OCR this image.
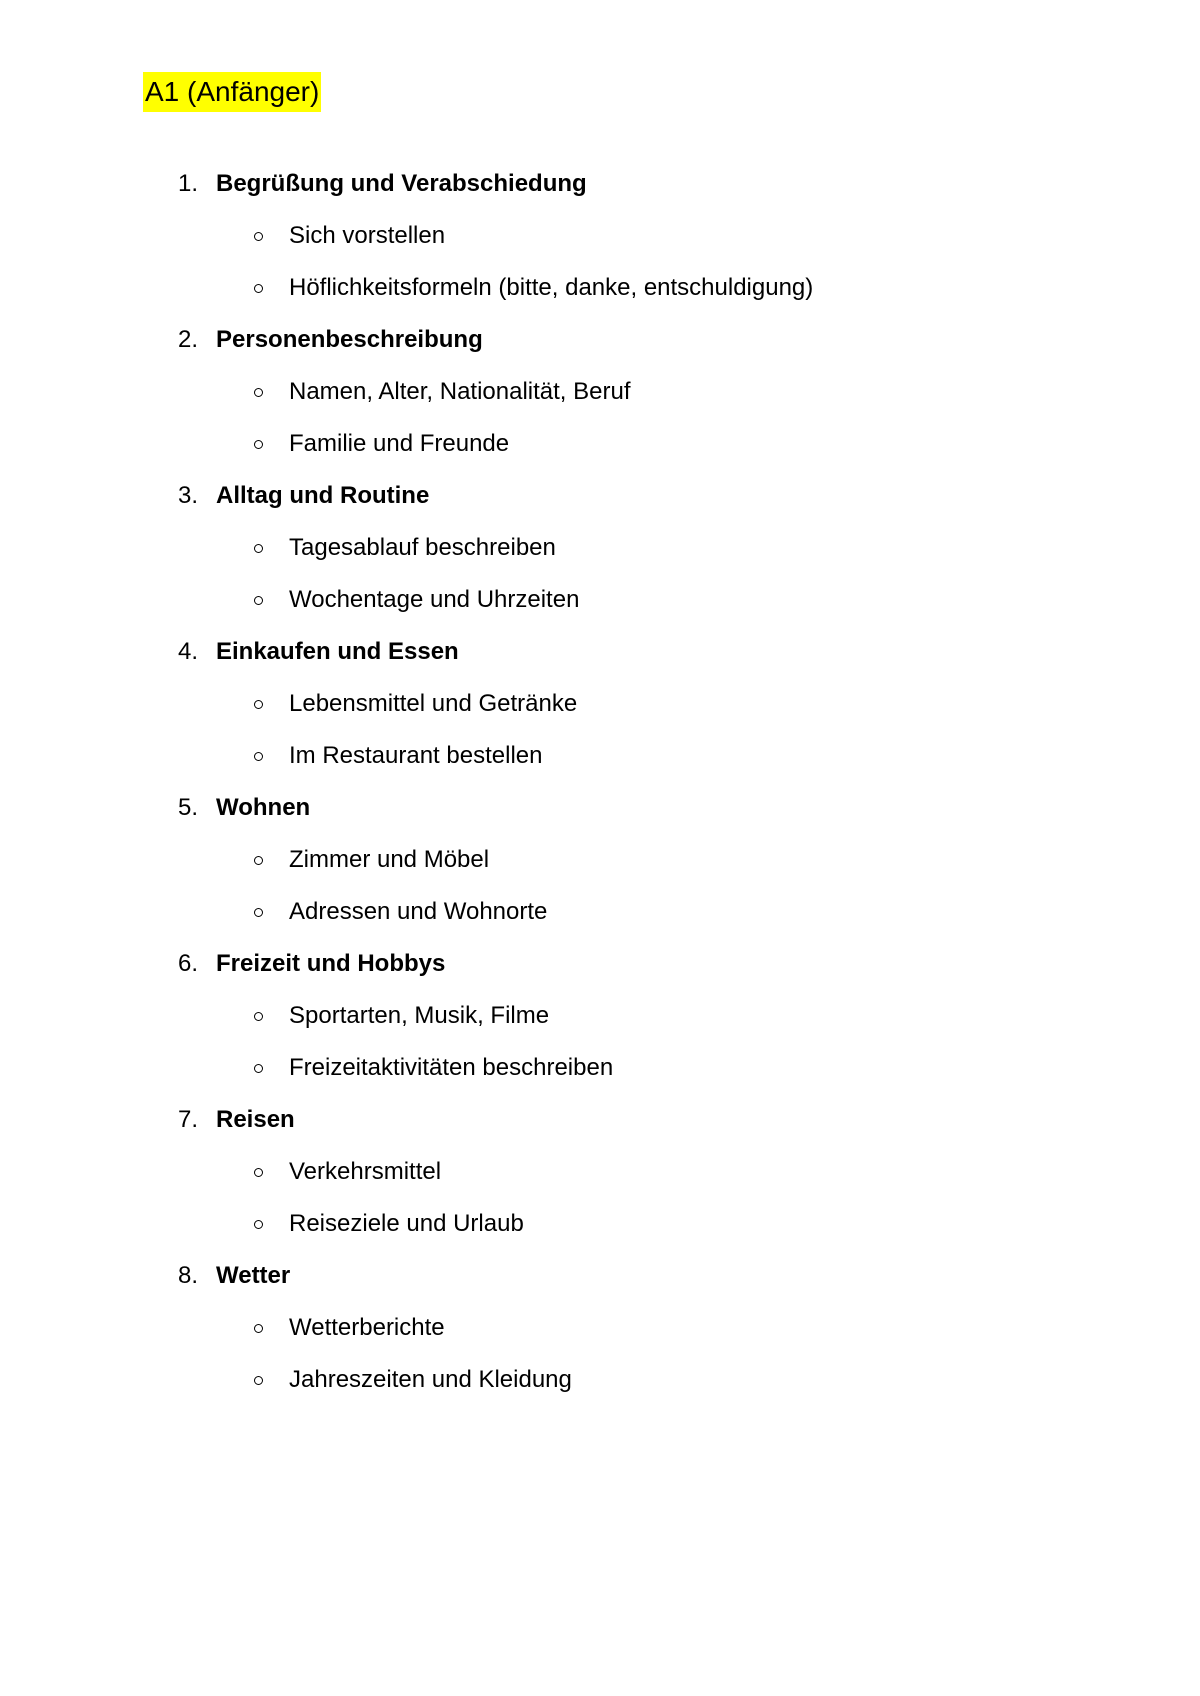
A1 (Anfänger)
1. Begrüßung und Verabschiedung
Sich vorstellen
Höflichkeitsformeln (bitte, danke, entschuldigung)
2. Personenbeschreibung
Namen, Alter, Nationalität, Beruf
Familie und Freunde
3. Alltag und Routine
Tagesablauf beschreiben
Wochentage und Uhrzeiten
4. Einkaufen und Essen
Lebensmittel und Getränke
Im Restaurant bestellen
5. Wohnen
Zimmer und Möbel
Adressen und Wohnorte
6. Freizeit und Hobbys
Sportarten, Musik, Filme
Freizeitaktivitäten beschreiben
7. Reisen
Verkehrsmittel
Reiseziele und Urlaub
8. Wetter
Wetterberichte
Jahreszeiten und Kleidung
